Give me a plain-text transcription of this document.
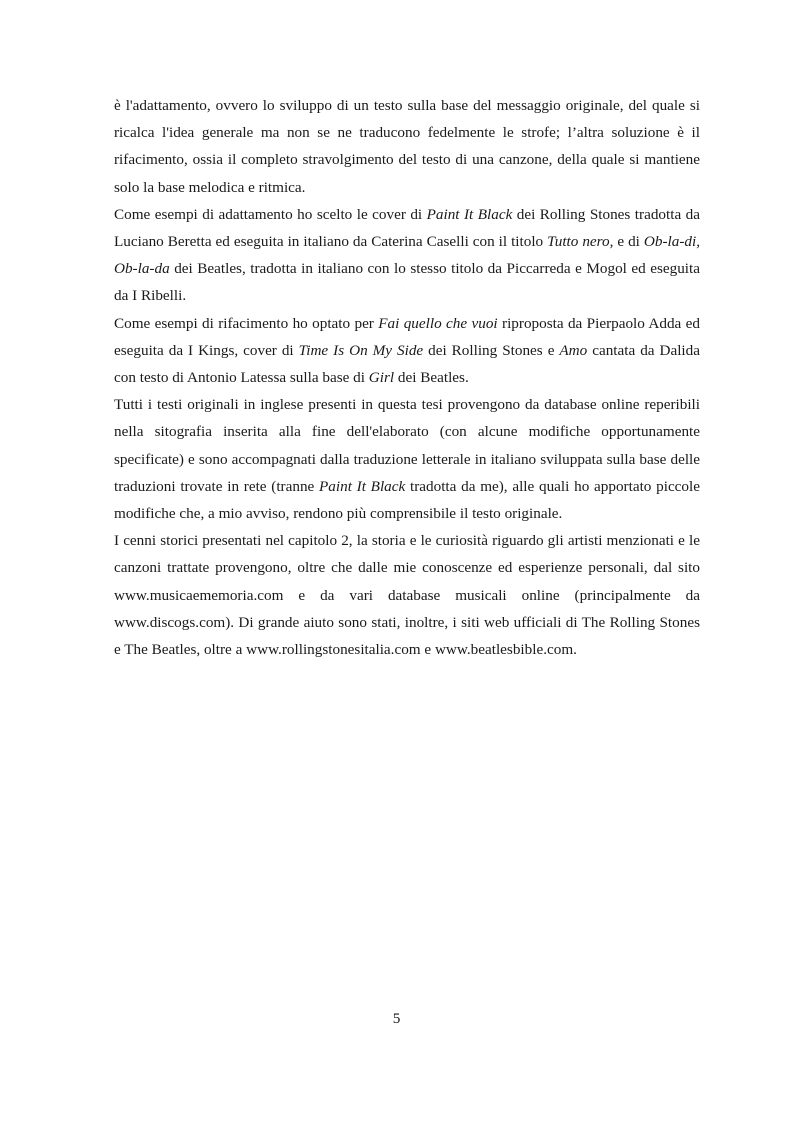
è l'adattamento, ovvero lo sviluppo di un testo sulla base del messaggio originale, del quale si ricalca l'idea generale ma non se ne traducono fedelmente le strofe; l’altra soluzione è il rifacimento, ossia il completo stravolgimento del testo di una canzone, della quale si mantiene solo la base melodica e ritmica.

Come esempi di adattamento ho scelto le cover di Paint It Black dei Rolling Stones tradotta da Luciano Beretta ed eseguita in italiano da Caterina Caselli con il titolo Tutto nero, e di Ob-la-di, Ob-la-da dei Beatles, tradotta in italiano con lo stesso titolo da Piccarreda e Mogol ed eseguita da I Ribelli.

Come esempi di rifacimento ho optato per Fai quello che vuoi riproposta da Pierpaolo Adda ed eseguita da I Kings, cover di Time Is On My Side dei Rolling Stones e Amo cantata da Dalida con testo di Antonio Latessa sulla base di Girl dei Beatles.

Tutti i testi originali in inglese presenti in questa tesi provengono da database online reperibili nella sitografia inserita alla fine dell'elaborato (con alcune modifiche opportunamente specificate) e sono accompagnati dalla traduzione letterale in italiano sviluppata sulla base delle traduzioni trovate in rete (tranne Paint It Black tradotta da me), alle quali ho apportato piccole modifiche che, a mio avviso, rendono più comprensibile il testo originale.

I cenni storici presentati nel capitolo 2, la storia e le curiosità riguardo gli artisti menzionati e le canzoni trattate provengono, oltre che dalle mie conoscenze ed esperienze personali, dal sito www.musicaememoria.com e da vari database musicali online (principalmente da www.discogs.com). Di grande aiuto sono stati, inoltre, i siti web ufficiali di The Rolling Stones e The Beatles, oltre a www.rollingstonesitalia.com e www.beatlesbible.com.

5
